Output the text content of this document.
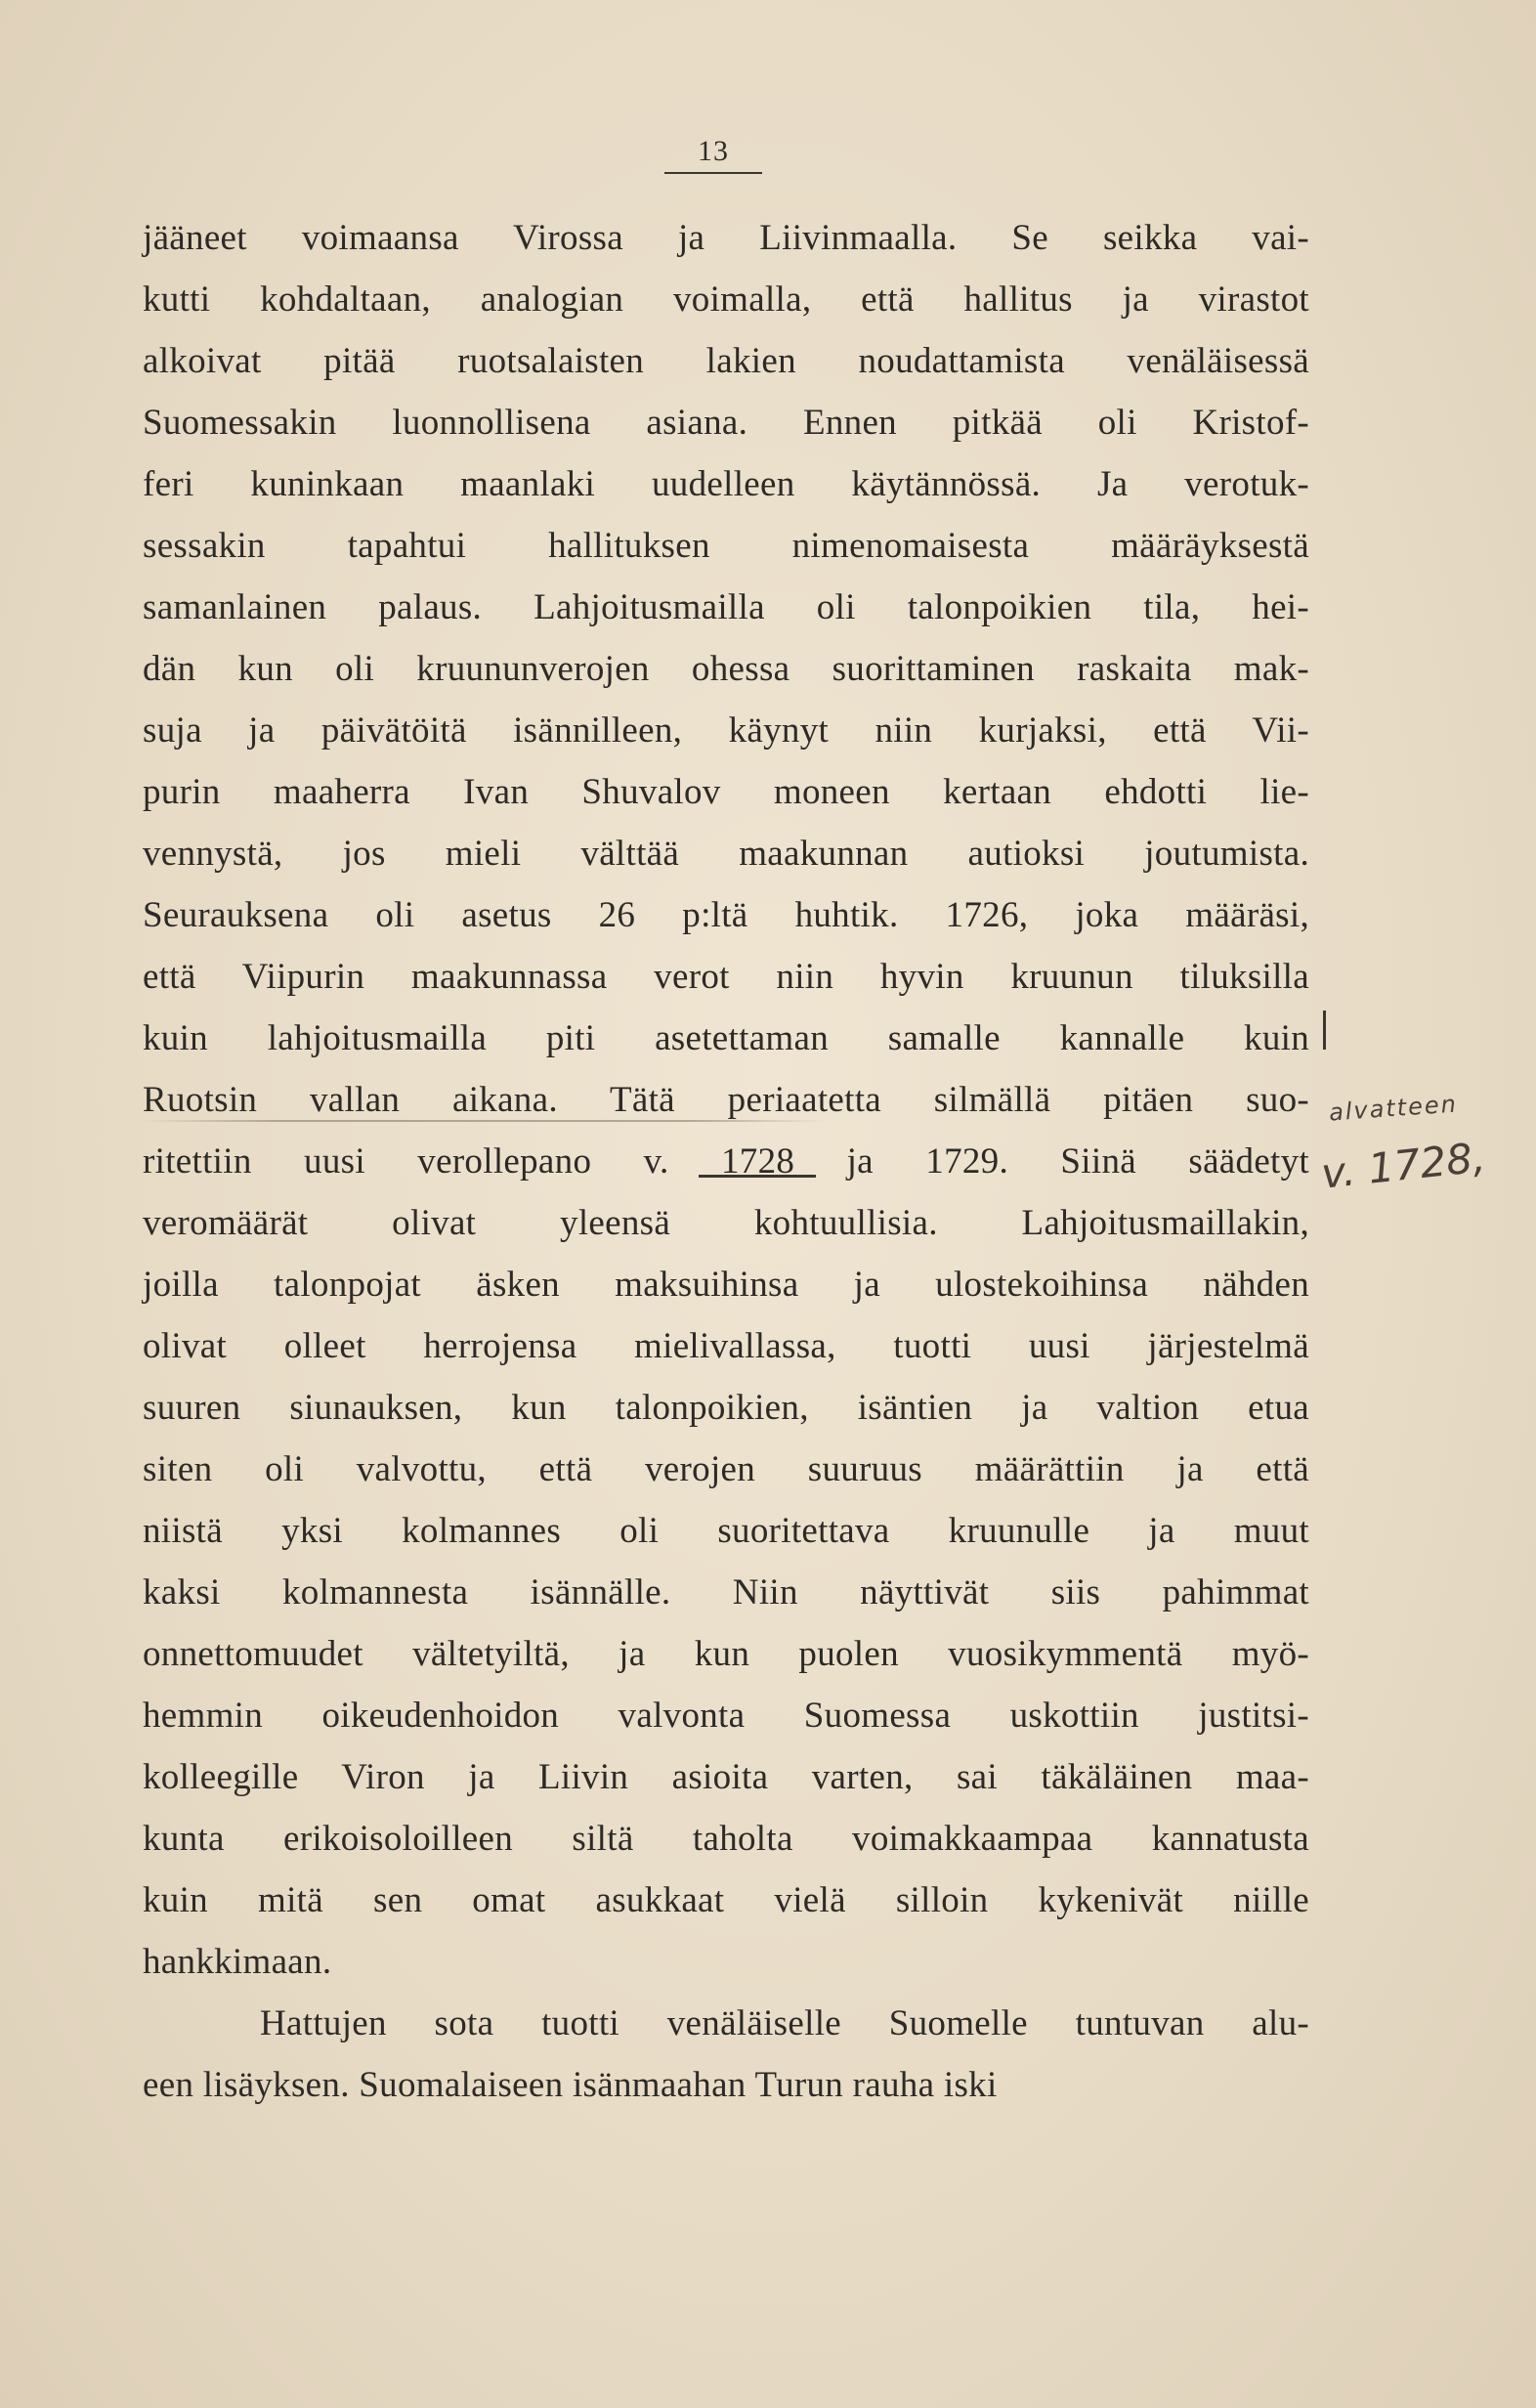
13
alvatteen
v. 1728,
jääneet voimaansa Virossa ja Liivinmaalla. Se seikka vai-
kutti kohdaltaan, analogian voimalla, että hallitus ja virastot
alkoivat pitää ruotsalaisten lakien noudattamista venäläisessä
Suomessakin luonnollisena asiana. Ennen pitkää oli Kristof-
feri kuninkaan maanlaki uudelleen käytännössä. Ja verotuk-
sessakin tapahtui hallituksen nimenomaisesta määräyksestä
samanlainen palaus. Lahjoitusmailla oli talonpoikien tila, hei-
dän kun oli kruununverojen ohessa suorittaminen raskaita mak-
suja ja päivätöitä isännilleen, käynyt niin kurjaksi, että Vii-
purin maaherra Ivan Shuvalov moneen kertaan ehdotti lie-
vennystä, jos mieli välttää maakunnan autioksi joutumista.
Seurauksena oli asetus 26 p:ltä huhtik. 1726, joka määräsi,
että Viipurin maakunnassa verot niin hyvin kruunun tiluksilla
kuin lahjoitusmailla piti asetettaman samalle kannalle kuin
Ruotsin vallan aikana. Tätä periaatetta silmällä pitäen suo-
ritettiin uusi verollepano v. 1728 ja 1729. Siinä säädetyt
veromäärät olivat yleensä kohtuullisia. Lahjoitusmaillakin,
joilla talonpojat äsken maksuihinsa ja ulostekoihinsa nähden
olivat olleet herrojensa mielivallassa, tuotti uusi järjestelmä
suuren siunauksen, kun talonpoikien, isäntien ja valtion etua
siten oli valvottu, että verojen suuruus määrättiin ja että
niistä yksi kolmannes oli suoritettava kruunulle ja muut
kaksi kolmannesta isännälle. Niin näyttivät siis pahimmat
onnettomuudet vältetyiltä, ja kun puolen vuosikymmentä myö-
hemmin oikeudenhoidon valvonta Suomessa uskottiin justitsi-
kolleegille Viron ja Liivin asioita varten, sai täkäläinen maa-
kunta erikoisoloilleen siltä taholta voimakkaampaa kannatusta
kuin mitä sen omat asukkaat vielä silloin kykenivät niille
hankkimaan.
Hattujen sota tuotti venäläiselle Suomelle tuntuvan alu-
een lisäyksen. Suomalaiseen isänmaahan Turun rauha iski
